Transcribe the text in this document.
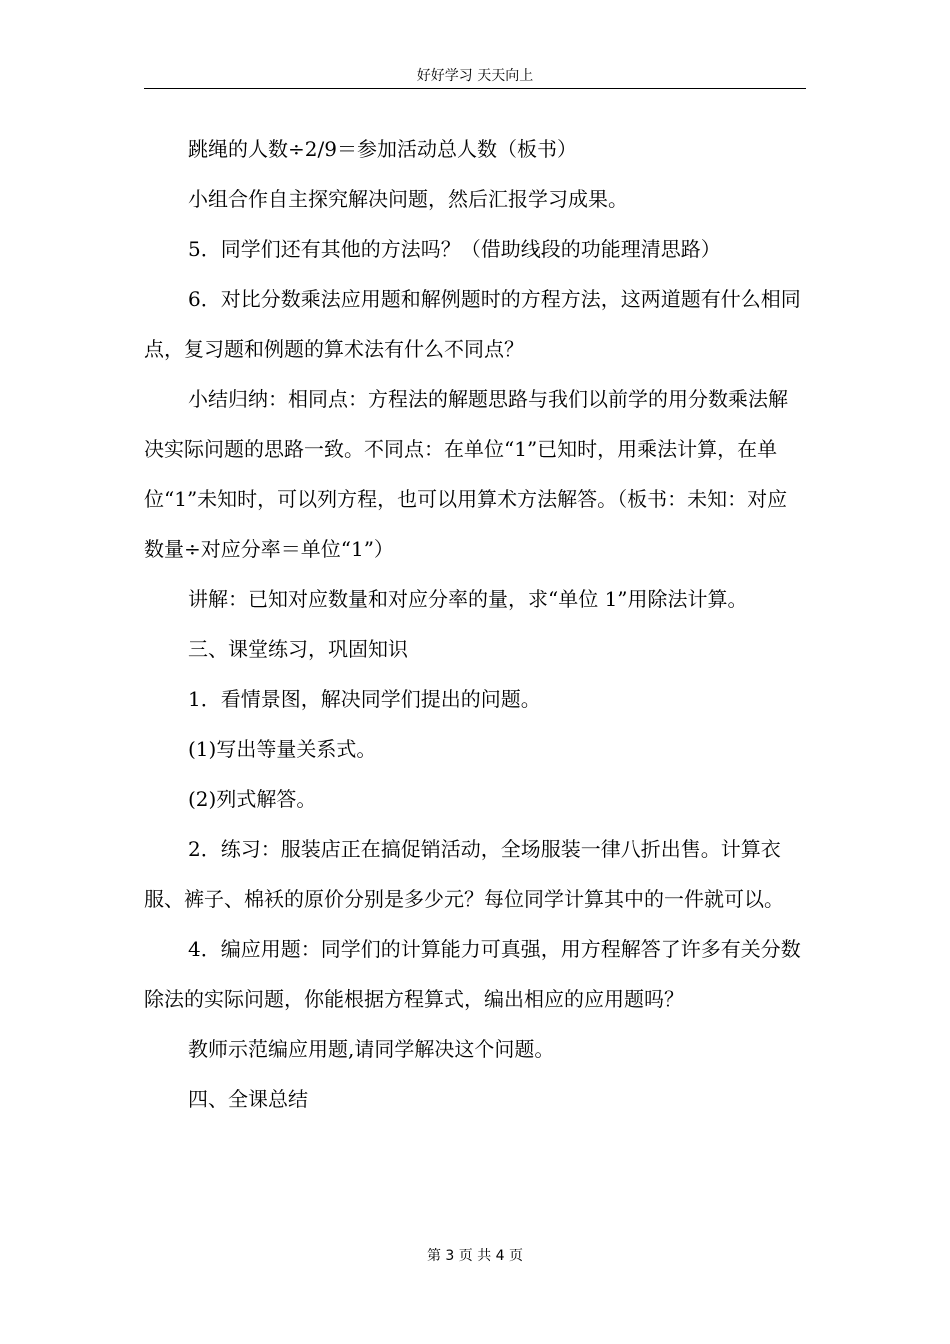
好好学习 天天向上

跳绳的人数÷2/9＝参加活动总人数（板书）

小组合作自主探究解决问题，然后汇报学习成果。

5．同学们还有其他的方法吗？（借助线段的功能理清思路）

6．对比分数乘法应用题和解例题时的方程方法，这两道题有什么相同点，复习题和例题的算术法有什么不同点？

小结归纳：相同点：方程法的解题思路与我们以前学的用分数乘法解决实际问题的思路一致。不同点：在单位“1”已知时，用乘法计算，在单位“1”未知时，可以列方程，也可以用算术方法解答。（板书：未知：对应数量÷对应分率＝单位“1”）

讲解：已知对应数量和对应分率的量，求“单位 1”用除法计算。

三、课堂练习，巩固知识

1．看情景图，解决同学们提出的问题。

(1)写出等量关系式。

(2)列式解答。

2．练习：服装店正在搞促销活动，全场服装一律八折出售。计算衣服、裤子、棉袄的原价分别是多少元？每位同学计算其中的一件就可以。

4．编应用题：同学们的计算能力可真强，用方程解答了许多有关分数除法的实际问题，你能根据方程算式，编出相应的应用题吗？

教师示范编应用题,请同学解决这个问题。

四、全课总结

第 3 页 共 4 页
